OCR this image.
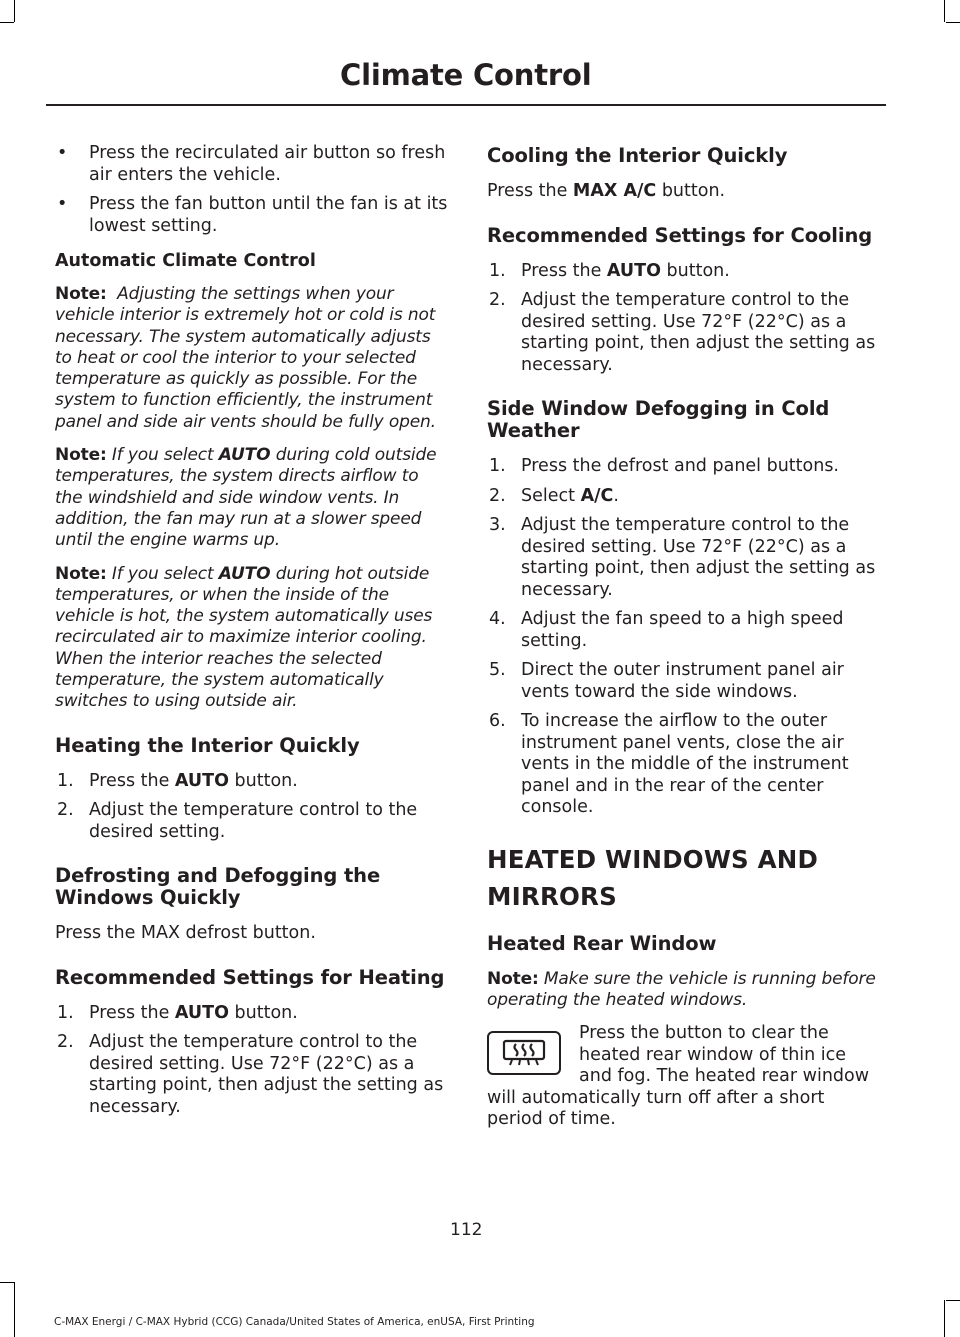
Climate Control
• Press the recirculated air button so fresh air enters the vehicle.
• Press the fan button until the fan is at its lowest setting.
Automatic Climate Control

Note: Adjusting the settings when your vehicle interior is extremely hot or cold is not necessary. The system automatically adjusts to heat or cool the interior to your selected temperature as quickly as possible. For the system to function efficiently, the instrument panel and side air vents should be fully open.

Note: If you select AUTO during cold outside temperatures, the system directs airflow to the windshield and side window vents. In addition, the fan may run at a slower speed until the engine warms up.

Note: If you select AUTO during hot outside temperatures, or when the inside of the vehicle is hot, the system automatically uses recirculated air to maximize interior cooling. When the interior reaches the selected temperature, the system automatically switches to using outside air.

Heating the Interior Quickly
1. Press the AUTO button.
2. Adjust the temperature control to the desired setting.
Defrosting and Defogging the Windows Quickly

Press the MAX defrost button.

Recommended Settings for Heating
1. Press the AUTO button.
2. Adjust the temperature control to the desired setting. Use 72°F (22°C) as a starting point, then adjust the setting as necessary.
Cooling the Interior Quickly

Press the MAX A/C button.

Recommended Settings for Cooling
1. Press the AUTO button.
2. Adjust the temperature control to the desired setting. Use 72°F (22°C) as a starting point, then adjust the setting as necessary.
Side Window Defogging in Cold Weather
1. Press the defrost and panel buttons.
2. Select A/C.
3. Adjust the temperature control to the desired setting. Use 72°F (22°C) as a starting point, then adjust the setting as necessary.
4. Adjust the fan speed to a high speed setting.
5. Direct the outer instrument panel air vents toward the side windows.
6. To increase the airflow to the outer instrument panel vents, close the air vents in the middle of the instrument panel and in the rear of the center console.
HEATED WINDOWS AND
MIRRORS
Heated Rear Window

Note: Make sure the vehicle is running before operating the heated windows.

Press the button to clear the heated rear window of thin ice and fog. The heated rear window will automatically turn off after a short period of time.

112
C-MAX Energi / C-MAX Hybrid (CCG) Canada/United States of America, enUSA, First Printing
